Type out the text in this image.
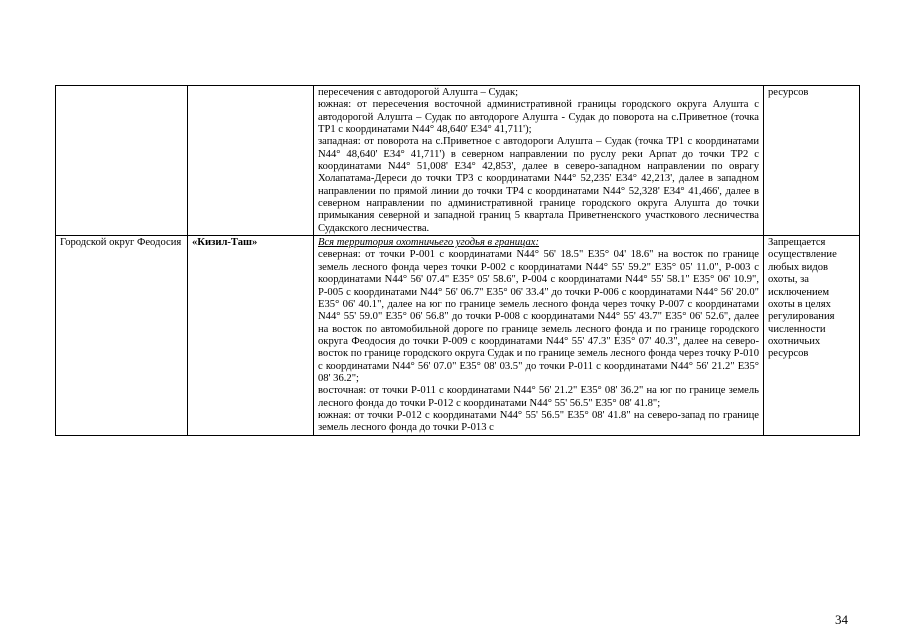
		пересечения с автодорогой Алушта – Судак;
южная: от пересечения восточной административной границы городского округа Алушта с автодорогой Алушта – Судак по автодороге Алушта - Судак до поворота на с.Приветное (точка ТР1 с координатами N44° 48,640' E34° 41,711');
западная: от поворота на с.Приветное с автодороги Алушта – Судак (точка ТР1 с координатами N44° 48,640' E34° 41,711') в северном направлении по руслу реки Арпат до точки ТР2 с координатами N44° 51,008' E34° 42,853', далее в северо-западном направлении по оврагу Холапатама-Дереси до точки ТР3 с координатами N44° 52,235' E34° 42,213', далее в западном направлении по прямой линии до точки ТР4 с координатами N44° 52,328' E34° 41,466', далее в северном направлении по административной границе городского округа Алушта до точки примыкания северной и западной границ 5 квартала Приветненского участкового лесничества Судакского лесничества.	ресурсов
Городской округ Феодосия	«Кизил-Таш»	Вся территория охотничьего угодья в границах:
северная: от точки P-001 с координатами N44° 56' 18.5" E35° 04' 18.6" на восток по границе земель лесного фонда через точки P-002 с координатами N44° 55' 59.2" E35° 05' 11.0", P-003 с координатами N44° 56' 07.4" E35° 05' 58.6", P-004 с координатами N44° 55' 58.1" E35° 06' 10.9", P-005 с координатами N44° 56' 06.7" E35° 06' 33.4" до точки P-006 с координатами N44° 56' 20.0" E35° 06' 40.1", далее на юг по границе земель лесного фонда через точку P-007 с координатами N44° 55' 59.0" E35° 06' 56.8" до точки P-008 с координатами N44° 55' 43.7" E35° 06' 52.6", далее на восток по автомобильной дороге по границе земель лесного фонда и по границе городского округа Феодосия до точки P-009 с координатами N44° 55' 47.3" E35° 07' 40.3", далее на северо-восток по границе городского округа Судак и по границе земель лесного фонда через точку P-010 с координатами N44° 56' 07.0" E35° 08' 03.5" до точки P-011 с координатами N44° 56' 21.2" E35° 08' 36.2";
восточная: от точки P-011 с координатами N44° 56' 21.2" E35° 08' 36.2" на юг по границе земель лесного фонда до точки P-012 с координатами N44° 55' 56.5" E35° 08' 41.8";
южная: от точки P-012 с координатами N44° 55' 56.5" E35° 08' 41.8" на северо-запад по границе земель лесного фонда до точки P-013 с	Запрещается осуществление любых видов охоты, за исключением охоты в целях регулирования численности охотничьих ресурсов
34
